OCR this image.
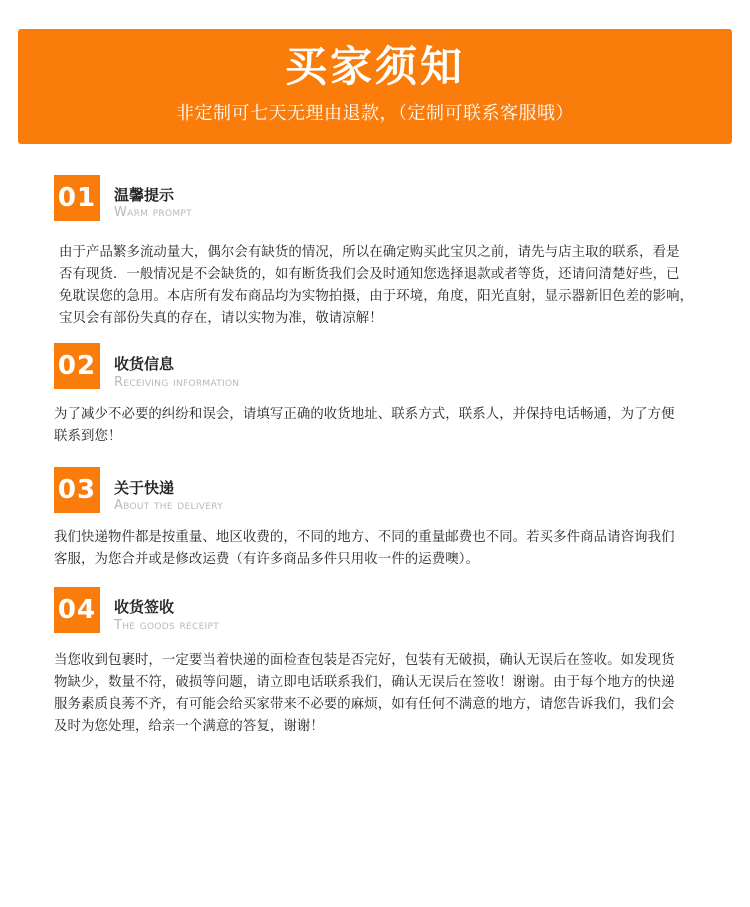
买家须知
非定制可七天无理由退款，（定制可联系客服哦）
01 温馨提示
Warm prompt
由于产品繁多流动量大，偶尔会有缺货的情况，所以在确定购买此宝贝之前，请先与店主取的联系，看是
否有现货．一般情况是不会缺货的，如有断货我们会及时通知您选择退款或者等货，还请问清楚好些，已
免耽误您的急用。本店所有发布商品均为实物拍摄，由于环境，角度，阳光直射，显示器新旧色差的影响，
宝贝会有部份失真的存在，请以实物为准，敬请凉解！
02 收货信息
Receiving information
为了减少不必要的纠纷和误会，请填写正确的收货地址、联系方式，联系人，并保持电话畅通，为了方便
联系到您！
03 关于快递
About the delivery
我们快递物件都是按重量、地区收费的，不同的地方、不同的重量邮费也不同。若买多件商品请咨询我们
客服，为您合并或是修改运费（有许多商品多件只用收一件的运费噢）。
04 收货签收
The goods receipt
当您收到包裹时，一定要当着快递的面检查包装是否完好，包装有无破损，确认无误后在签收。如发现货
物缺少，数量不符，破损等问题，请立即电话联系我们，确认无误后在签收！谢谢。由于每个地方的快递
服务素质良莠不齐，有可能会给买家带来不必要的麻烦，如有任何不满意的地方，请您告诉我们，我们会
及时为您处理，给亲一个满意的答复，谢谢！
